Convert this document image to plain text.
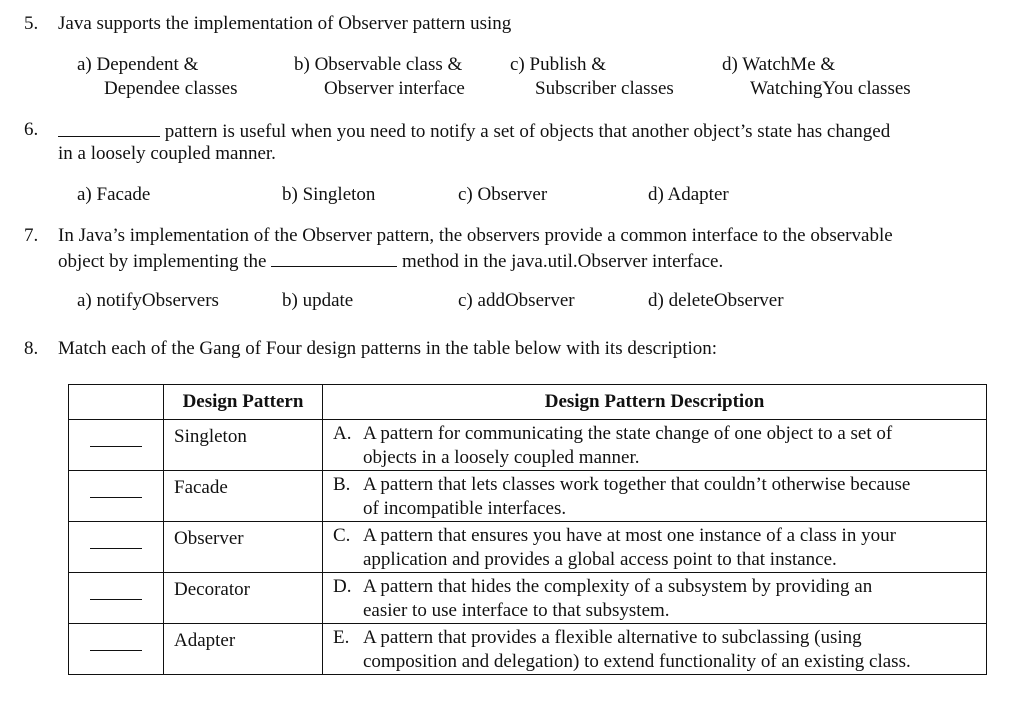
5. Java supports the implementation of Observer pattern using
a) Dependent &
Dependee classes
b) Observable class &
Observer interface
c) Publish &
Subscriber classes
d) WatchMe &
WatchingYou classes
6.	pattern is useful when you need to notify a set of objects that another object’s state has changed
in a loosely coupled manner.
a) Facade	b) Singleton	c) Observer	d) Adapter
7. In Java’s implementation of the Observer pattern, the observers provide a common interface to the observable
object by implementing the	method in the java.util.Observer interface.
a) notifyObservers	b) update	c) addObserver	d) deleteObserver
8. Match each of the Gang of Four design patterns in the table below with its description:
	Design Pattern	Design Pattern Description

	Singleton	A. A pattern for communicating the state change of one object to a set of
objects in a loosely coupled manner.

	Facade	B. A pattern that lets classes work together that couldn’t otherwise because
of incompatible interfaces.

	Observer	C. A pattern that ensures you have at most one instance of a class in your
application and provides a global access point to that instance.

	Decorator	D. A pattern that hides the complexity of a subsystem by providing an
easier to use interface to that subsystem.

	Adapter	E. A pattern that provides a flexible alternative to subclassing (using
composition and delegation) to extend functionality of an existing class.
